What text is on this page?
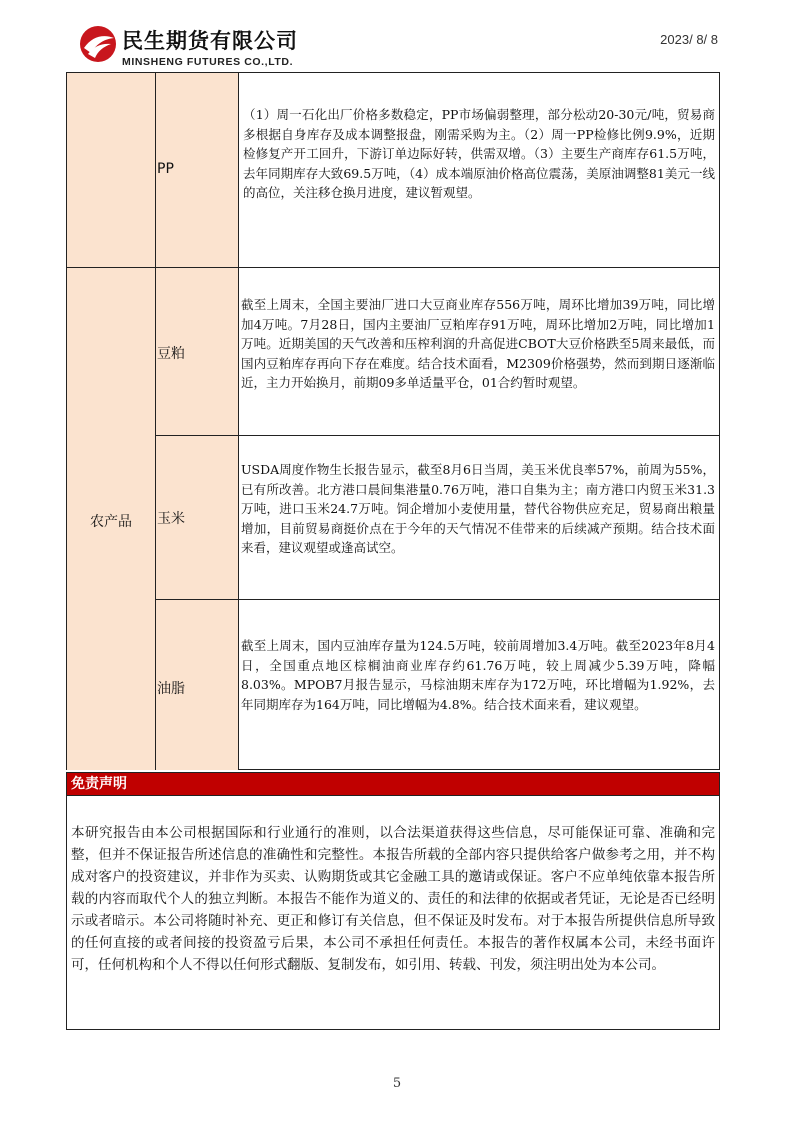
民生期货有限公司
MINSHENG FUTURES CO.,LTD.
2023/ 8/ 8
农产品
PP
（1）周一石化出厂价格多数稳定，PP市场偏弱整理，部分松动20-30元/吨，贸易商多根据自身库存及成本调整报盘，刚需采购为主。（2）周一PP检修比例9.9%，近期检修复产开工回升，下游订单边际好转，供需双增。（3）主要生产商库存61.5万吨，去年同期库存大致69.5万吨，（4）成本端原油价格高位震荡，美原油调整81美元一线的高位，关注移仓换月进度，建议暂观望。
豆粕
截至上周末，全国主要油厂进口大豆商业库存556万吨，周环比增加39万吨，同比增加4万吨。7月28日，国内主要油厂豆粕库存91万吨，周环比增加2万吨，同比增加1万吨。近期美国的天气改善和压榨利润的升高促进CBOT大豆价格跌至5周来最低，而国内豆粕库存再向下存在难度。结合技术面看，M2309价格强势，然而到期日逐渐临近，主力开始换月，前期09多单适量平仓，01合约暂时观望。
玉米
USDA周度作物生长报告显示，截至8月6日当周，美玉米优良率57%，前周为55%，已有所改善。北方港口晨间集港量0.76万吨，港口自集为主；南方港口内贸玉米31.3万吨，进口玉米24.7万吨。饲企增加小麦使用量，替代谷物供应充足，贸易商出粮量增加，目前贸易商挺价点在于今年的天气情况不佳带来的后续减产预期。结合技术面来看，建议观望或逢高试空。
油脂
截至上周末，国内豆油库存量为124.5万吨，较前周增加3.4万吨。截至2023年8月4日，全国重点地区棕榈油商业库存约61.76万吨，较上周减少5.39万吨，降幅8.03%。MPOB7月报告显示，马棕油期末库存为172万吨，环比增幅为1.92%，去年同期库存为164万吨，同比增幅为4.8%。结合技术面来看，建议观望。
免责声明
本研究报告由本公司根据国际和行业通行的准则，以合法渠道获得这些信息，尽可能保证可靠、准确和完整，但并不保证报告所述信息的准确性和完整性。本报告所载的全部内容只提供给客户做参考之用，并不构成对客户的投资建议，并非作为买卖、认购期货或其它金融工具的邀请或保证。客户不应单纯依靠本报告所载的内容而取代个人的独立判断。本报告不能作为道义的、责任的和法律的依据或者凭证，无论是否已经明示或者暗示。本公司将随时补充、更正和修订有关信息，但不保证及时发布。对于本报告所提供信息所导致的任何直接的或者间接的投资盈亏后果，本公司不承担任何责任。本报告的著作权属本公司，未经书面许可，任何机构和个人不得以任何形式翻版、复制发布，如引用、转载、刊发，须注明出处为本公司。
5
